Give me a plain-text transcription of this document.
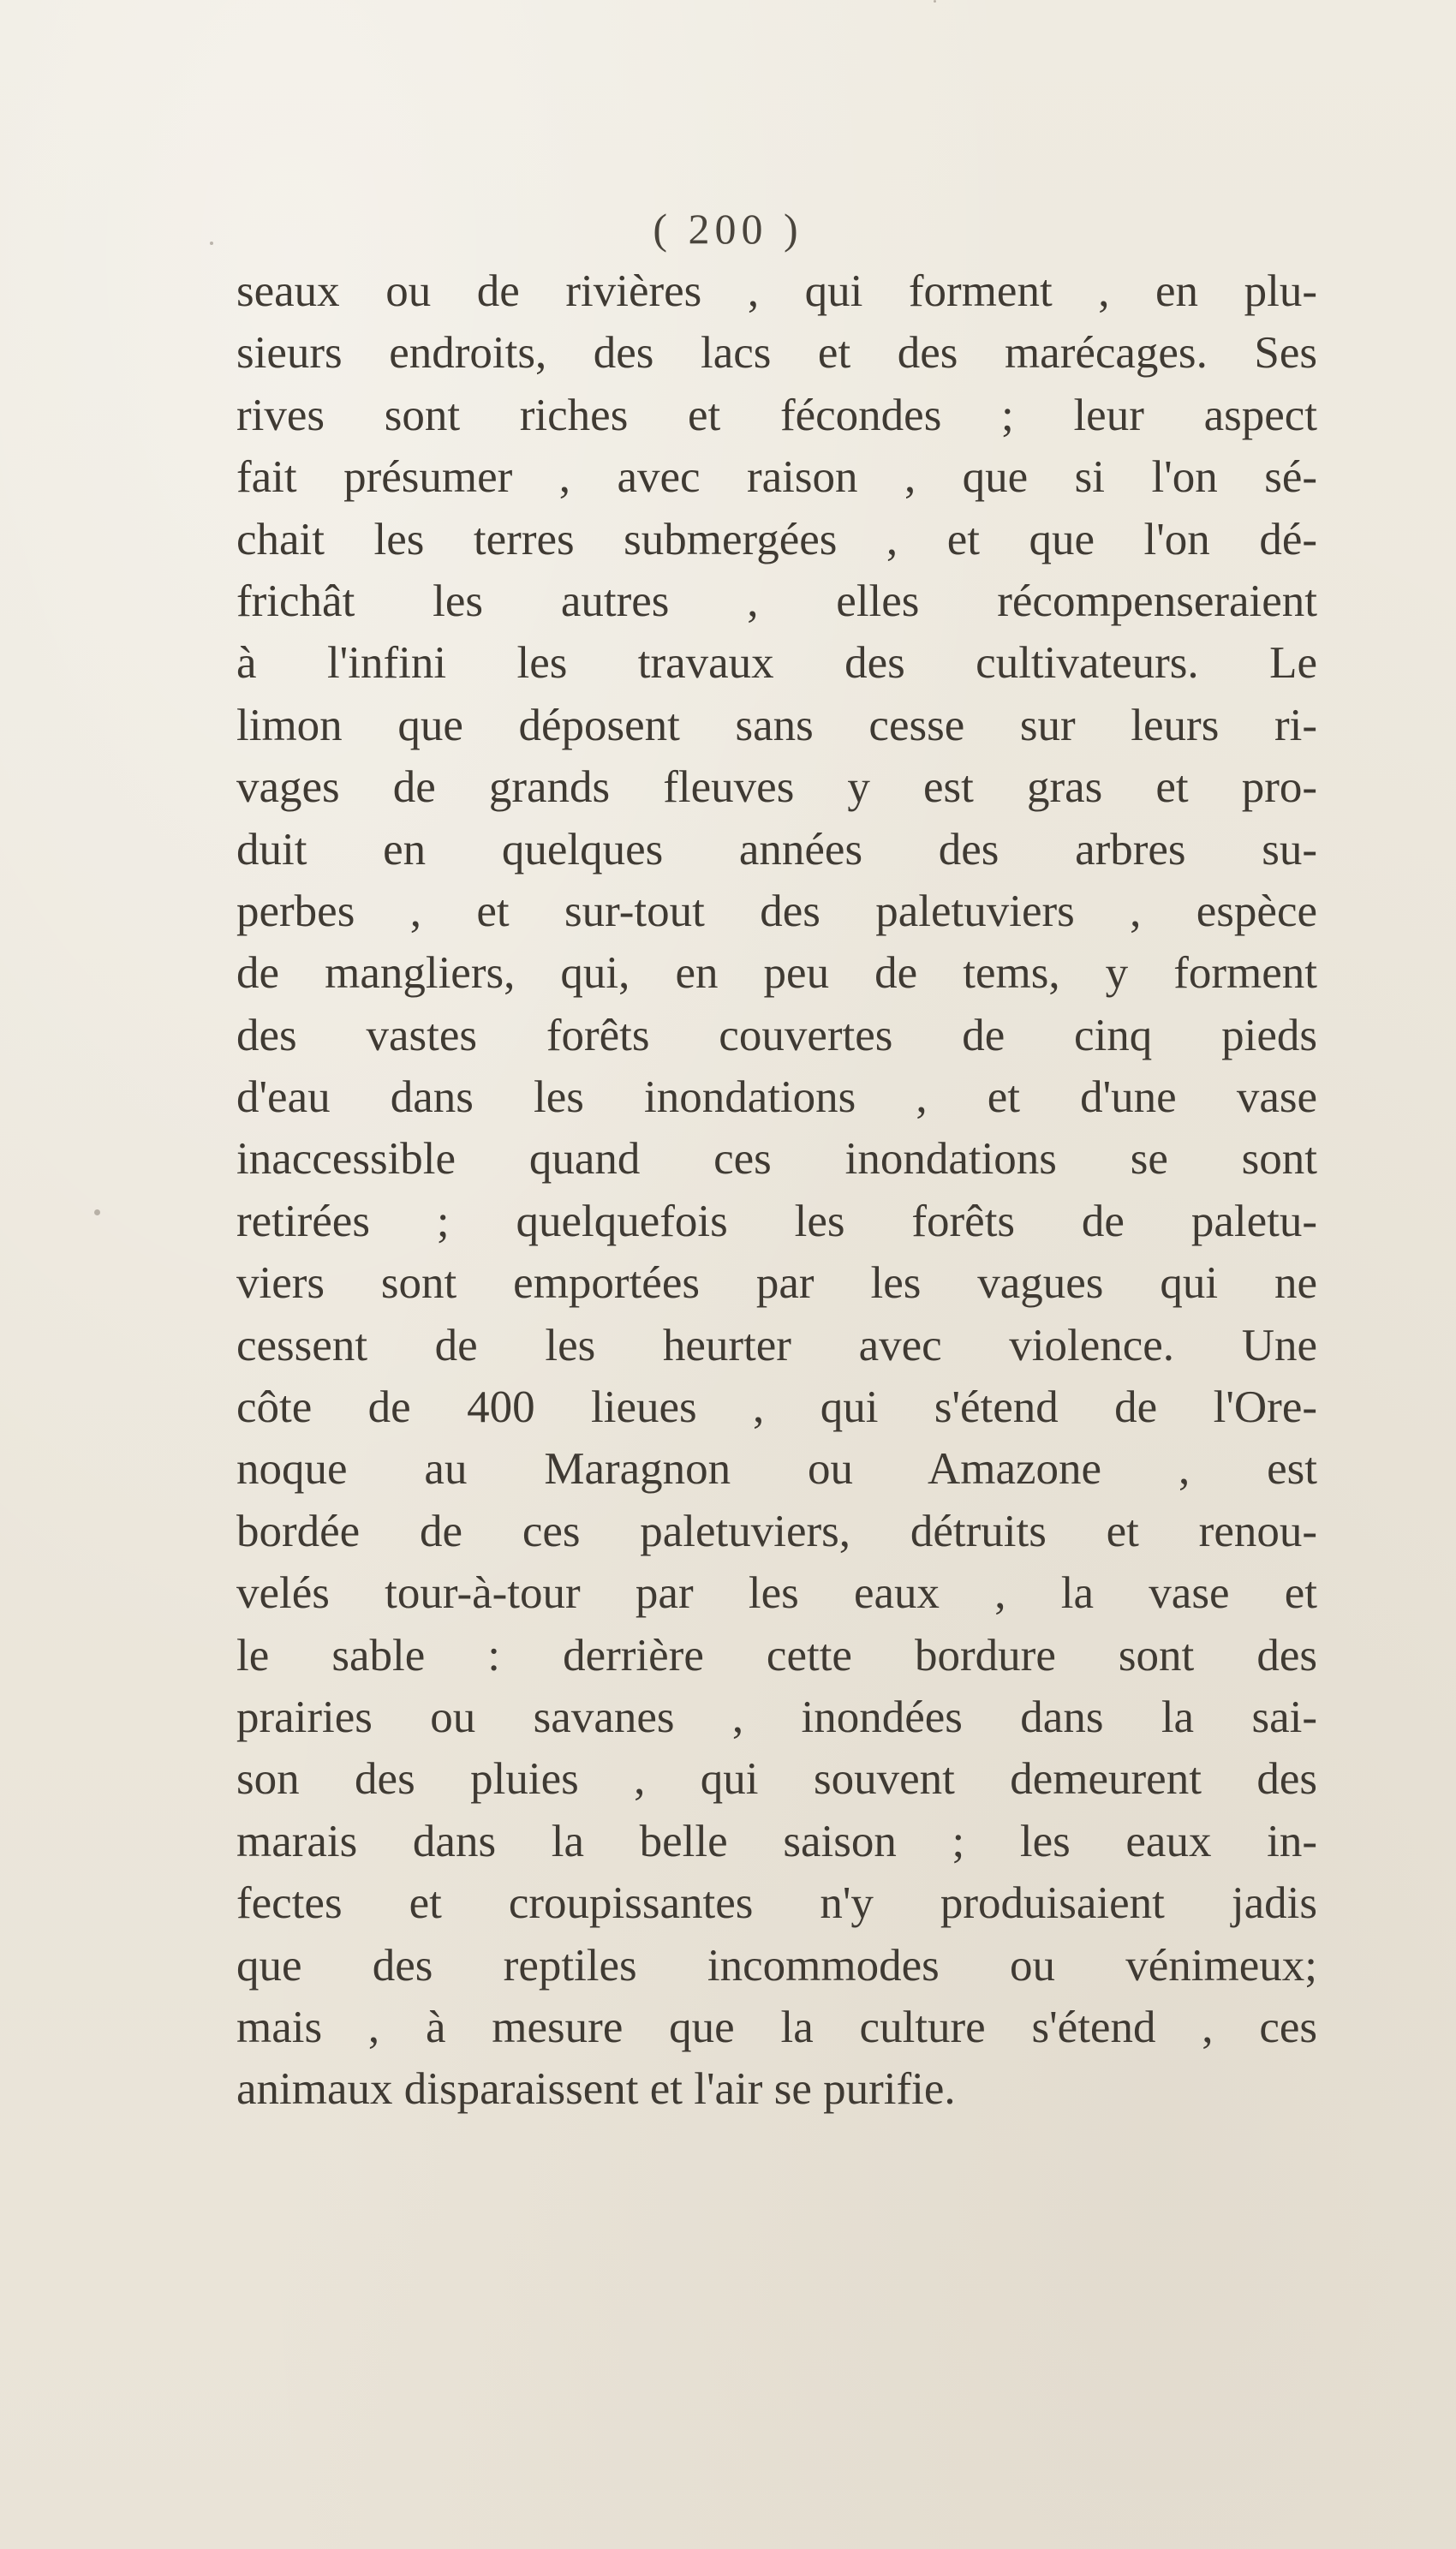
( 200 )
seaux ou de rivières , qui forment , en plu-
sieurs endroits, des lacs et des marécages. Ses
rives sont riches et fécondes ; leur aspect
fait présumer , avec raison , que si l'on sé-
chait les terres submergées , et que l'on dé-
frichât les autres , elles récompenseraient
à l'infini les travaux des cultivateurs. Le
limon que déposent sans cesse sur leurs ri-
vages de grands fleuves y est gras et pro-
duit en quelques années des arbres su-
perbes , et sur-tout des paletuviers , espèce
de mangliers, qui, en peu de tems, y forment
des vastes forêts couvertes de cinq pieds
d'eau dans les inondations , et d'une vase
inaccessible quand ces inondations se sont
retirées ; quelquefois les forêts de paletu-
viers sont emportées par les vagues qui ne
cessent de les heurter avec violence. Une
côte de 400 lieues , qui s'étend de l'Ore-
noque au Maragnon ou Amazone , est
bordée de ces paletuviers, détruits et renou-
velés tour-à-tour par les eaux , la vase et
le sable : derrière cette bordure sont des
prairies ou savanes , inondées dans la sai-
son des pluies , qui souvent demeurent des
marais dans la belle saison ; les eaux in-
fectes et croupissantes n'y produisaient jadis
que des reptiles incommodes ou vénimeux;
mais , à mesure que la culture s'étend , ces
animaux disparaissent et l'air se purifie.
